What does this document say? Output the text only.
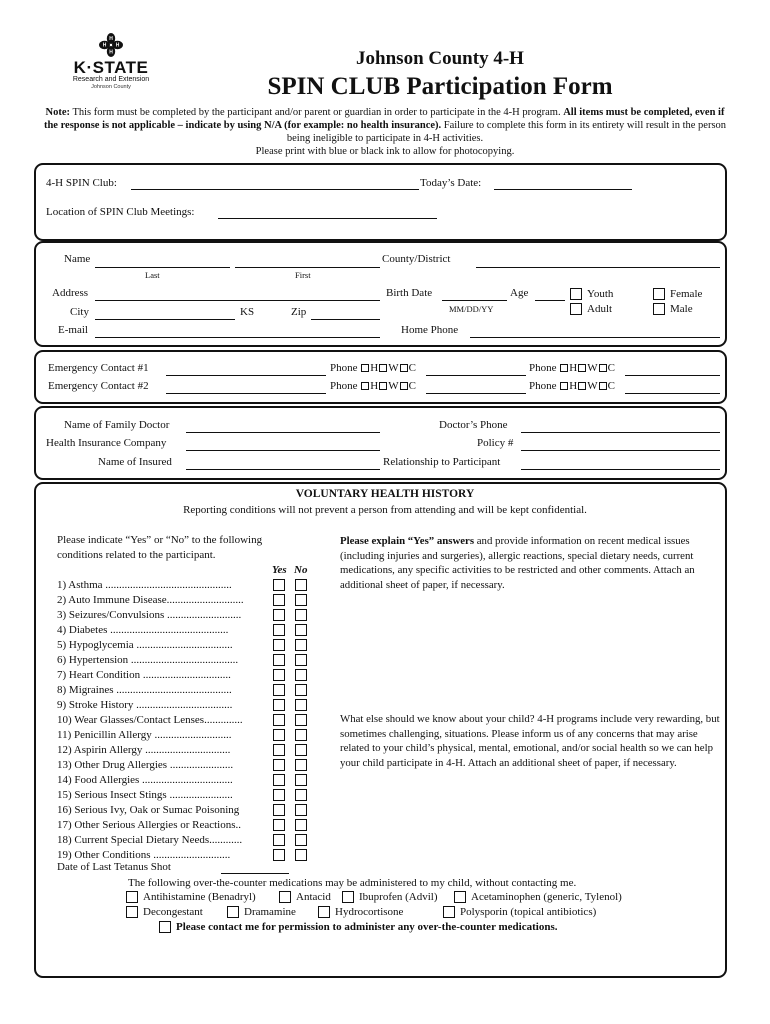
H
H
H H
K·STATE
Research and Extension
Johnson County
Johnson County 4-H
SPIN CLUB Participation Form
Note: This form must be completed by the participant and/or parent or guardian in order to participate in the 4-H program. All items must be completed, even if the response is not applicable – indicate by using N/A (for example: no health insurance). Failure to complete this form in its entirety will result in the person being ineligible to participate in 4-H activities.
Please print with blue or black ink to allow for photocopying.
4-H SPIN Club:	Today’s Date:
Location of SPIN Club Meetings:
Name
Last	First
County/District
Address	Birth Date
MM/DD/YY
Age	Youth
Adult
Female
Male
City	KS	Zip
E-mail	Home Phone
Emergency Contact #1	Phone H W C	Phone H W C
Emergency Contact #2	Phone H W C	Phone H W C
Name of Family Doctor	Doctor’s Phone
Health Insurance Company	Policy #
Name of Insured	Relationship to Participant
VOLUNTARY HEALTH HISTORY
Reporting conditions will not prevent a person from attending and will be kept confidential.
Please indicate “Yes” or “No” to the following
conditions related to the participant.
Yes No
1) Asthma ..............................................
2) Auto Immune Disease............................
3) Seizures/Convulsions ...........................
4) Diabetes ...........................................
5) Hypoglycemia ...................................
6) Hypertension .......................................
7) Heart Condition ................................
8) Migraines ..........................................
9) Stroke History ...................................
10) Wear Glasses/Contact Lenses..............
11) Penicillin Allergy ............................
12) Aspirin Allergy ...............................
13) Other Drug Allergies .......................
14) Food Allergies .................................
15) Serious Insect Stings .......................
16) Serious Ivy, Oak or Sumac Poisoning
17) Other Serious Allergies or Reactions..
18) Current Special Dietary Needs............
19) Other Conditions ............................
Date of Last Tetanus Shot
Please explain “Yes” answers and provide information on recent medical issues (including injuries and surgeries), allergic reactions, special dietary needs, current medications, any specific activities to be restricted and other comments. Attach an additional sheet of paper, if necessary.
What else should we know about your child? 4-H programs include very rewarding, but sometimes challenging, situations. Please inform us of any concerns that may arise related to your child’s physical, mental, emotional, and/or social health so we can help your child participate in 4-H. Attach an additional sheet of paper, if necessary.
The following over-the-counter medications may be administered to my child, without contacting me.
Antihistamine (Benadryl)	Antacid	Ibuprofen (Advil)	Acetaminophen (generic, Tylenol)
Decongestant	Dramamine	Hydrocortisone	Polysporin (topical antibiotics)
Please contact me for permission to administer any over-the-counter medications.
